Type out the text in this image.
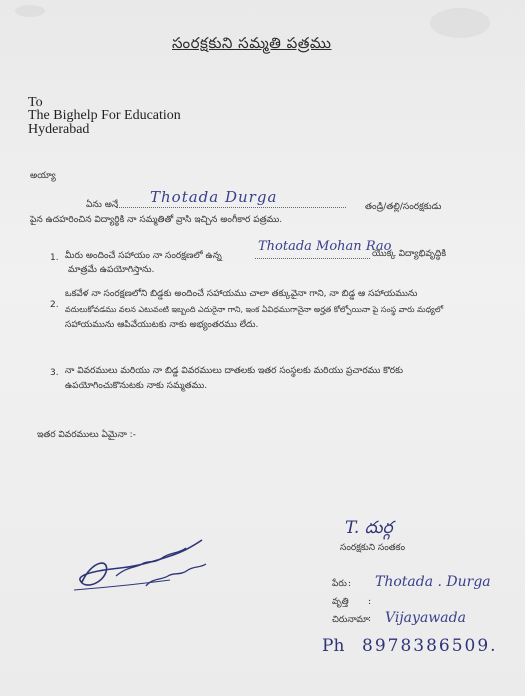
సంరక్షకుని సమ్మతి పత్రము
To
The Bighelp For Education
Hyderabad
అయ్యా
ఏను అనే Thotada Durga
తండ్రి/తల్లి/సంరక్షకుడు
పైన ఉదహరించిన విద్యార్థికి నా సమ్మతితో వ్రాసి ఇచ్చిన అంగీకార పత్రము.
1. మీరు అందించే సహాయం నా సంరక్షణలో ఉన్న
Thotada Mohan Rao
యొక్క విద్యాభివృద్ధికి
మాత్రమే ఉపయోగిస్తాను.
2.
ఒకవేళ నా సంరక్షణలోని బిడ్డకు అందించే సహాయము చాలా తక్కువైనా గాని, నా బిడ్డ ఆ సహాయమును
వదులుకోవడము వలన ఎటువంటి ఇబ్బంది ఎదురైనా గాని, ఇంక ఏవిధముగానైనా అర్హత కోల్పోయినా పై సంస్థ వారు మధ్యలో
సహాయమును ఆపివేయుటకు నాకు అభ్యంతరము లేదు.
3. నా వివరములు మరియు నా బిడ్డ వివరములు దాతలకు ఇతర సంస్థలకు మరియు ప్రచారము కొరకు
ఉపయోగించుకొనుటకు నాకు సమ్మతము.
ఇతర వివరములు ఏమైనా :-
T. దుర్గ
సంరక్షకుని సంతకం
పేరు : Thotada . Durga
వృత్తి :
చిరునామా : Vijayawada
Ph 8978386509.
